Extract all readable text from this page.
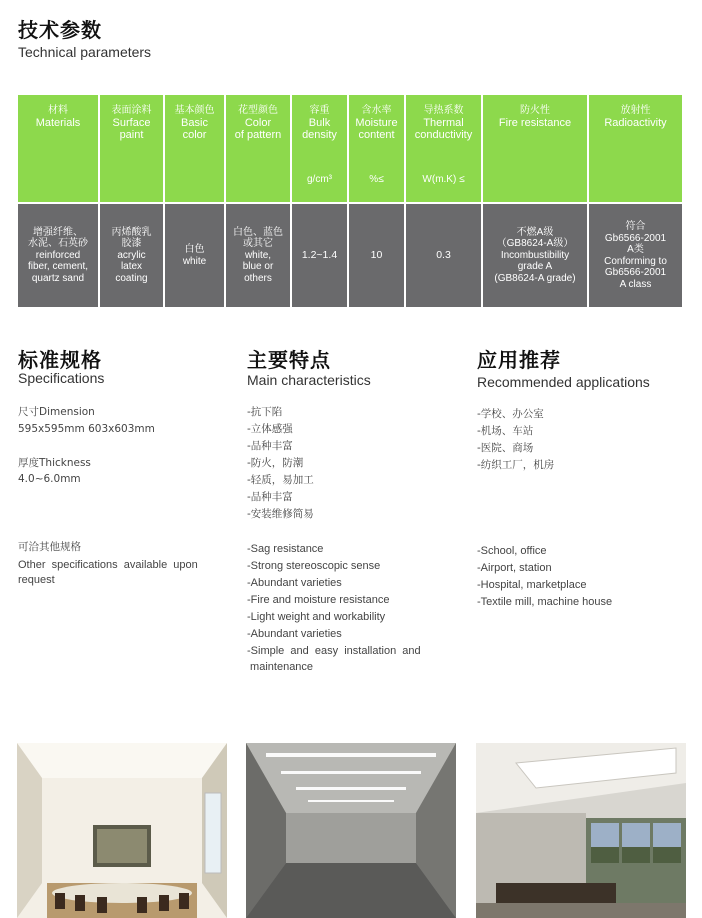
技术参数
Technical parameters
材料
Materials
增强纤维、
水泥、石英砂
reinforced
fiber, cement,
quartz sand
表面涂料
Surface
paint
丙烯酸乳
胶漆
acrylic
latex
coating
基本颜色
Basic
color
白色
white
花型颜色
Color
of pattern
白色、蓝色
或其它
white,
blue or
others
容重
Bulk
density
g/cm³
1.2~1.4
含水率
Moisture
content
%≤
10
导热系数
Thermal
conductivity
W(m.K) ≤
0.3
防火性
Fire resistance
不燃A级
（GB8624-A级）
Incombustibility
grade A
(GB8624-A grade)
放射性
Radioactivity
符合
Gb6566-2001
A类
Conforming to
Gb6566-2001
A class
标准规格
Specifications
尺寸Dimension
595x595mm 603x603mm
厚度Thickness
4.0~6.0mm
可洽其他规格
Other  specifications  available  upon
request
主要特点
Main characteristics
-抗下陷
-立体感强
-品种丰富
-防火，防潮
-轻质，易加工
-品种丰富
-安装维修简易
-Sag resistance
-Strong stereoscopic sense
-Abundant varieties
-Fire and moisture resistance
-Light weight and workability
-Abundant varieties
-Simple  and  easy  installation  and
maintenance
应用推荐
Recommended applications
-学校、办公室
-机场、车站
-医院、商场
-纺织工厂，机房
-School, office
-Airport, station
-Hospital, marketplace
-Textile mill, machine house
